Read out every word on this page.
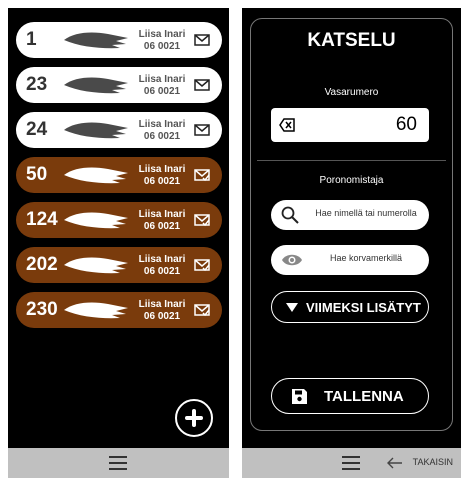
1	Liisa Inari
06 0021
23	Liisa Inari
06 0021
24	Liisa Inari
06 0021
50	Liisa Inari
06 0021
124	Liisa Inari
06 0021
202	Liisa Inari
06 0021
230	Liisa Inari
06 0021
KATSELU
Vasarumero
60
Poronomistaja
Hae nimellä tai numerolla
Hae korvamerkillä
VIIMEKSI LISÄTYT
TALLENNA
TAKAISIN
